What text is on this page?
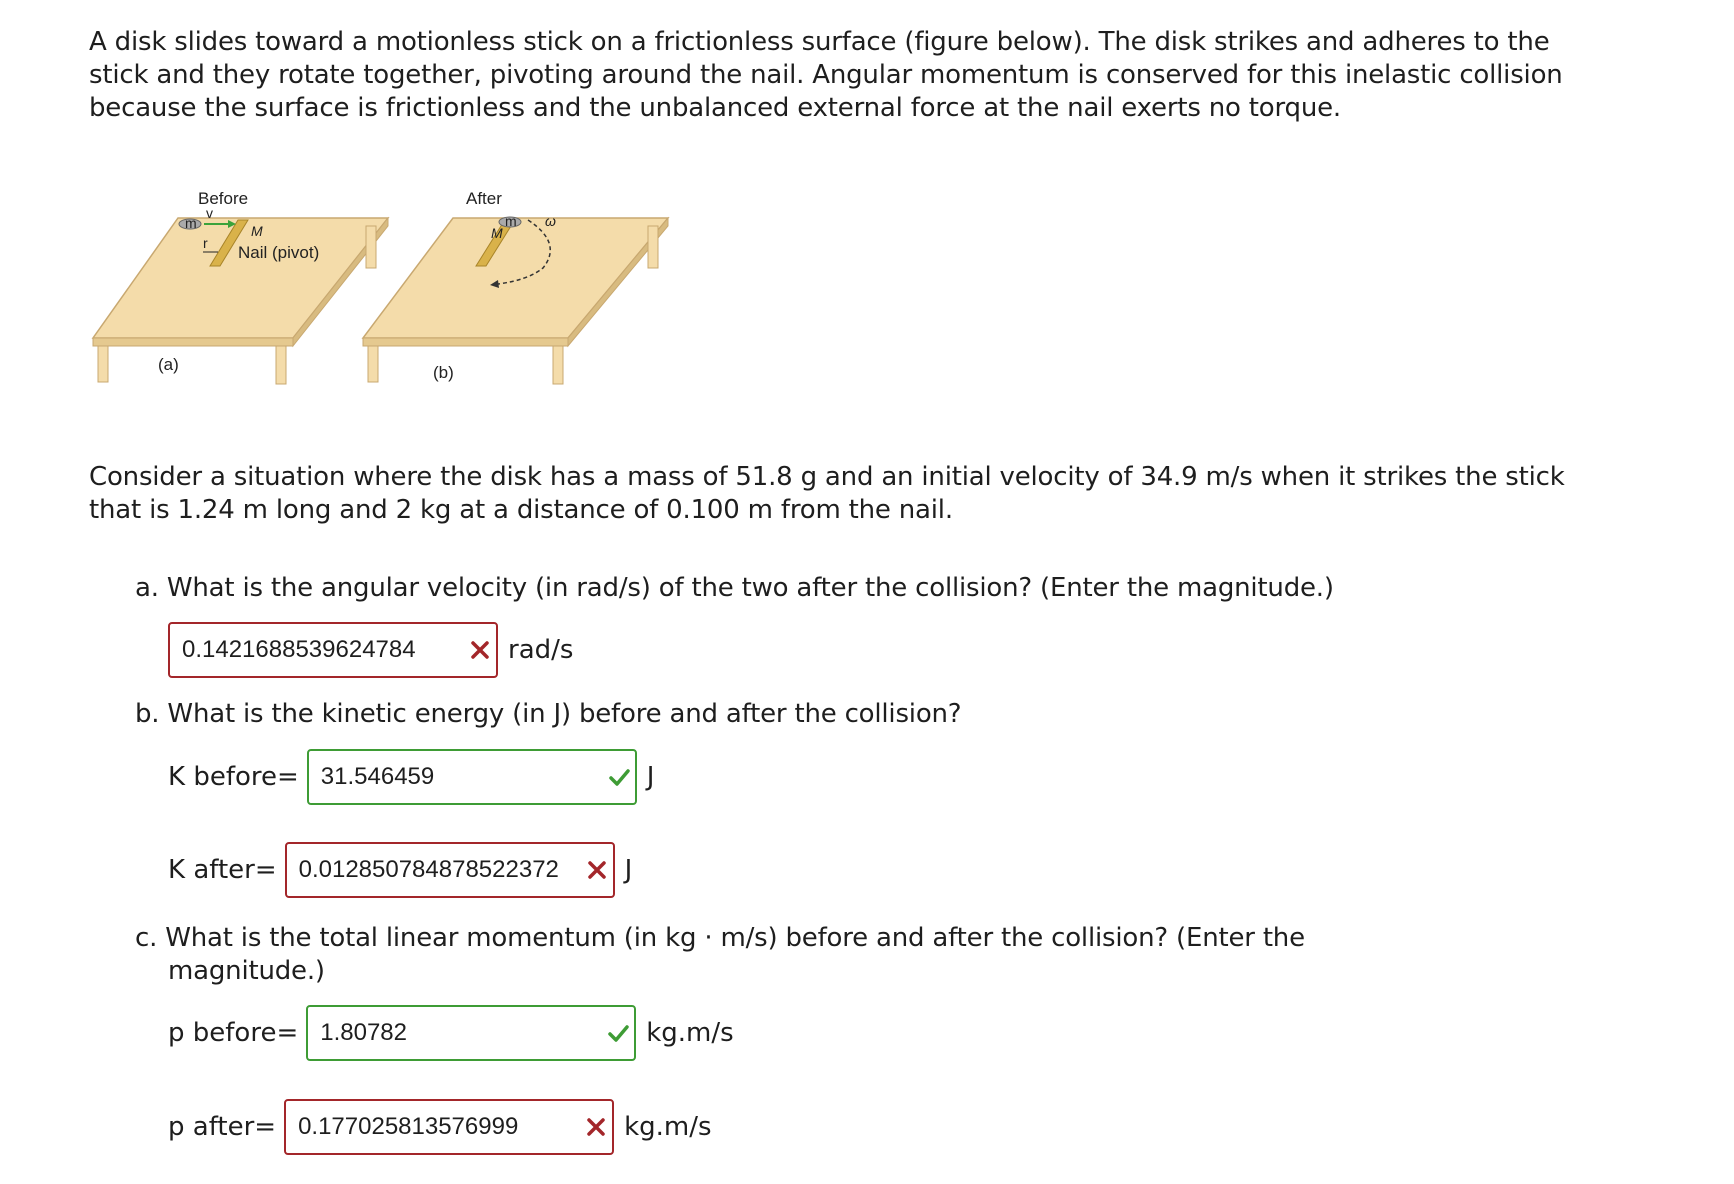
A disk slides toward a motionless stick on a frictionless surface (figure below). The disk strikes and adheres to the stick and they rotate together, pivoting around the nail. Angular momentum is conserved for this inelastic collision because the surface is frictionless and the unbalanced external force at the nail exerts no torque.

m
v
M
Nail (pivot)
r
Before
(a)
m
M
ω
After
(b)

Consider a situation where the disk has a mass of 51.8 g and an initial velocity of 34.9 m/s when it strikes the stick that is 1.24 m long and 2 kg at a distance of 0.100 m from the nail.

a. What is the angular velocity (in rad/s) of the two after the collision? (Enter the magnitude.)

0.1421688539624784
rad/s

b. What is the kinetic energy (in J) before and after the collision?

K before=
31.546459	J
K after=
0.012850784878522372	J

c. What is the total linear momentum (in kg · m/s) before and after the collision? (Enter the

magnitude.)

p before=
1.80782	kg.m/s
p after=
0.177025813576999	kg.m/s
